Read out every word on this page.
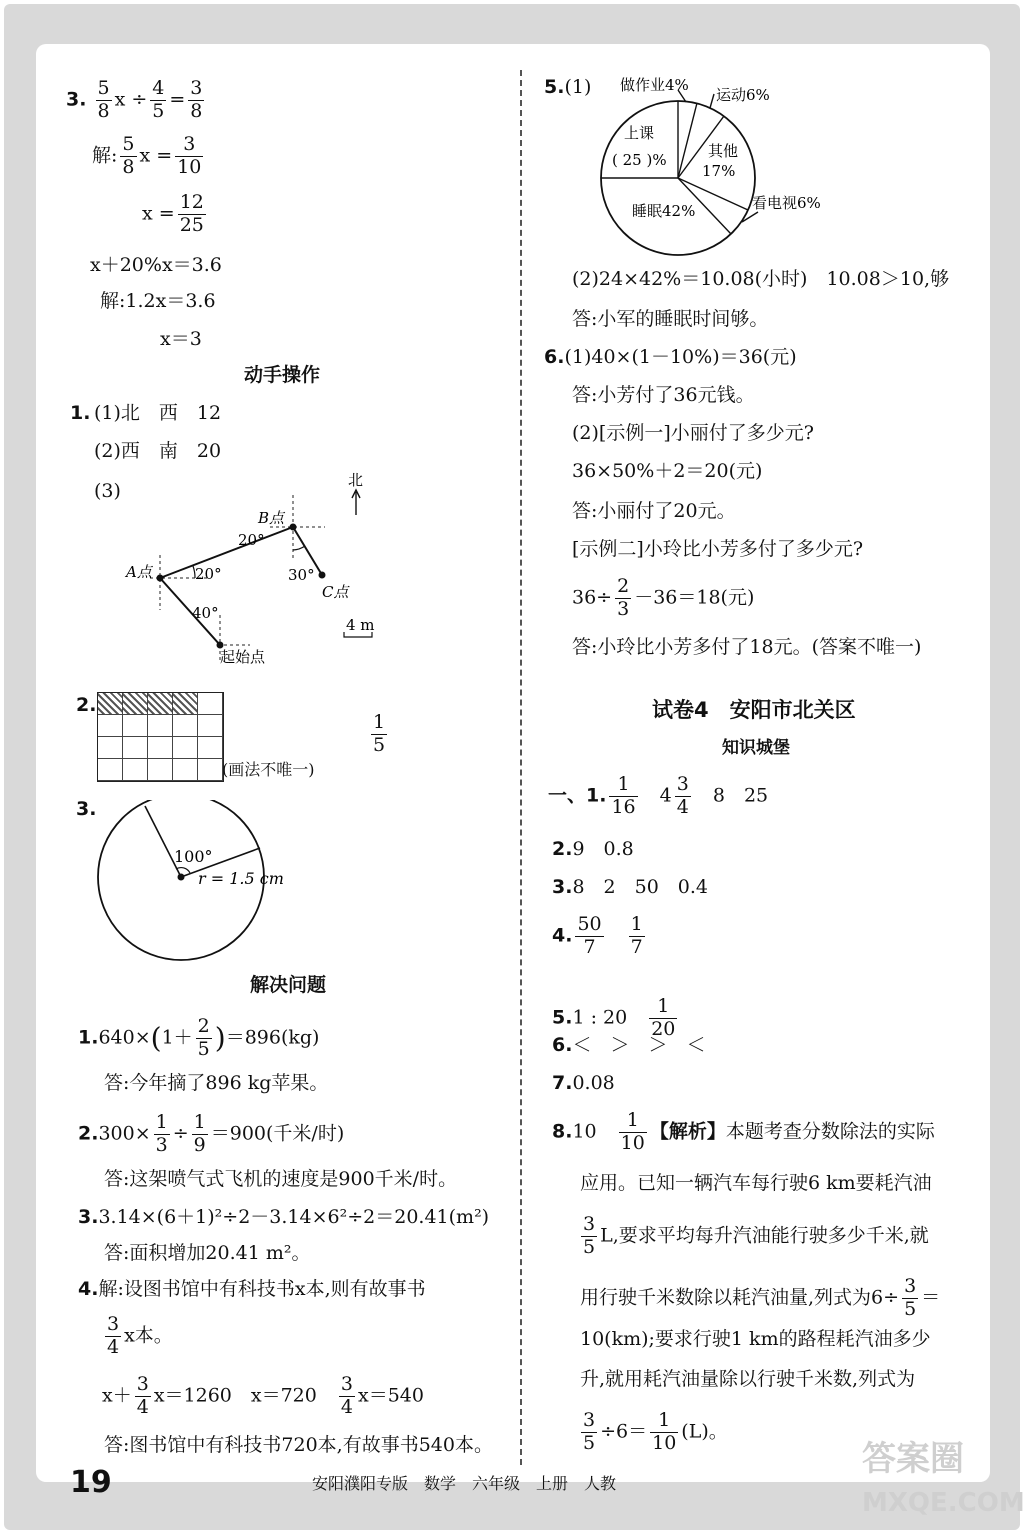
3. $\frac{5}{8}$ $x \div \frac{4}{5} = \frac{3}{8}$
解: $\frac{5}{8}$ $x = \frac{3}{10}$
$x = \frac{12}{25}$
x＋20%x＝3.6
解:1.2x＝3.6
x＝3
动手操作
1. (1)北　西　12
(2)西　南　20
(3)	北
B点
A点
C点
起始点
20°
20°
30°
40°
4 m
2.
$\frac{1}{5}$
(画法不唯一)
3.
100°
r = 1.5 cm
解决问题
$1.640\times(1+ \frac{2}{5} )=896(kg)$
答:今年摘了896 kg苹果。
$2.300\times \frac{1}{3} \div \frac{1}{9} =900$(千米/时)
答:这架喷气式飞机的速度是900千米/时。
3.3.14×(6＋1)²÷2－3.14×6²÷2＝20.41(m²)
答:面积增加20.41 m²。
4.解:设图书馆中有科技书x本,则有故事书
$\frac{3}{4}$ x本。
$x+ \frac{3}{4} x=1260$　x＝720　 $\frac{3}{4} x=540$
答:图书馆中有科技书720本,有故事书540本。
5.(1) 做作业4%
运动6%
上课
( 25 )%	其他
17%
睡眠42%	看电视6%
(2)24×42%＝10.08(小时)　10.08＞10,够
答:小军的睡眠时间够。
6.(1)40×(1－10%)＝36(元)
答:小芳付了36元钱。
(2)[示例一]小丽付了多少元?
36×50%＋2＝20(元)
答:小丽付了20元。
[示例二]小玲比小芳多付了多少元?
$36\div \frac{2}{3} -36=18$(元)
答:小玲比小芳多付了18元。(答案不唯一)
试卷4　安阳市北关区
知识城堡
一、1. $\frac{1}{16}$
　 $4 \frac{3}{4}$
　 8　25
2.9　0.8
3.8　2　50　0.4
4. $\frac{50}{7}$
　 $\frac{1}{7}$
5.1 : 20　 $\frac{1}{20}$
6.＜　＞　＞　＜
7.0.08
8.10　 $\frac{1}{10}$ 【解析】本题考查分数除法的实际
应用。已知一辆汽车每行驶6 km要耗汽油
$\frac{3}{5} L$,要求平均每升汽油能行驶多少千米,就
用行驶千米数除以耗汽油量,列式为$6\div \frac{3}{5}$ ＝
10(km);要求行驶1 km的路程耗汽油多少
升,就用耗汽油量除以行驶千米数,列式为
$\frac{3}{5} \div 6= \frac{1}{10} (L)$。
19	安阳濮阳专版　数学　六年级　上册　人教
答案圈
MXQE.COM
